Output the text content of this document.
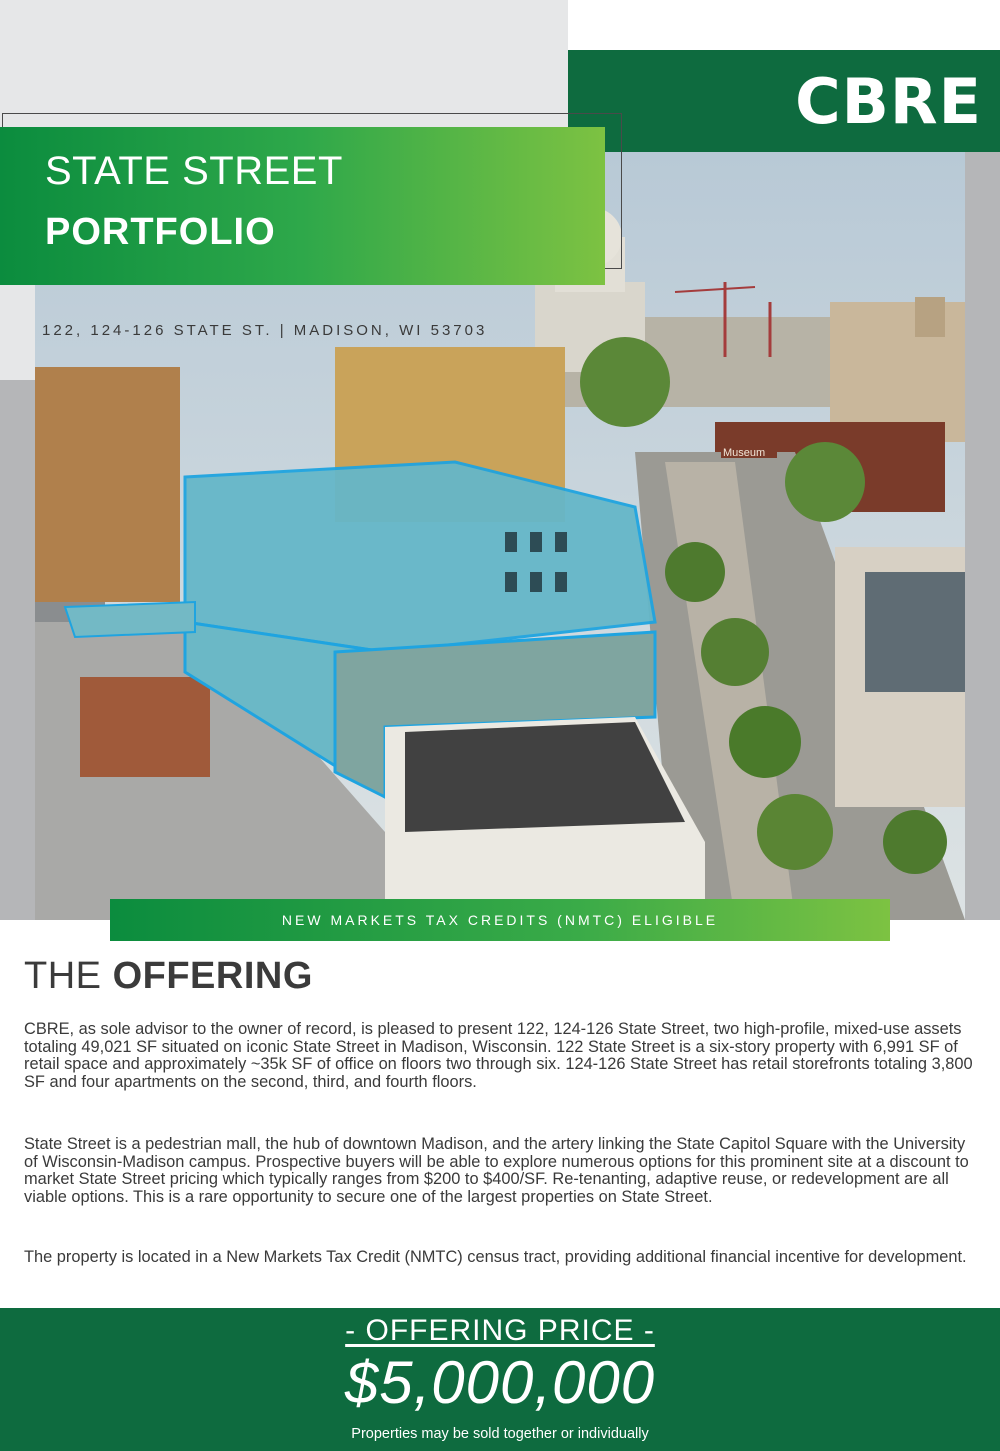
Museum
CBRE
STATE STREET
PORTFOLIO
122, 124-126 STATE ST. | MADISON, WI 53703
NEW MARKETS TAX CREDITS (NMTC) ELIGIBLE
THE OFFERING

CBRE, as sole advisor to the owner of record, is pleased to present 122, 124-126 State Street, two high-profile, mixed-use assets totaling 49,021 SF situated on iconic State Street in Madison, Wisconsin. 122 State Street is a six-story property with 6,991 SF of retail space and approximately ~35k SF of office on floors two through six. 124-126 State Street has retail storefronts totaling 3,800 SF and four apartments on the second, third, and fourth floors.

State Street is a pedestrian mall, the hub of downtown Madison, and the artery linking the State Capitol Square with the University of Wisconsin-Madison campus. Prospective buyers will be able to explore numerous options for this prominent site at a discount to market State Street pricing which typically ranges from $200 to $400/SF. Re-tenanting, adaptive reuse, or redevelopment are all viable options. This is a rare opportunity to secure one of the largest properties on State Street.

The property is located in a New Markets Tax Credit (NMTC) census tract, providing additional financial incentive for development.

- OFFERING PRICE -
$5,000,000
Properties may be sold together or individually
